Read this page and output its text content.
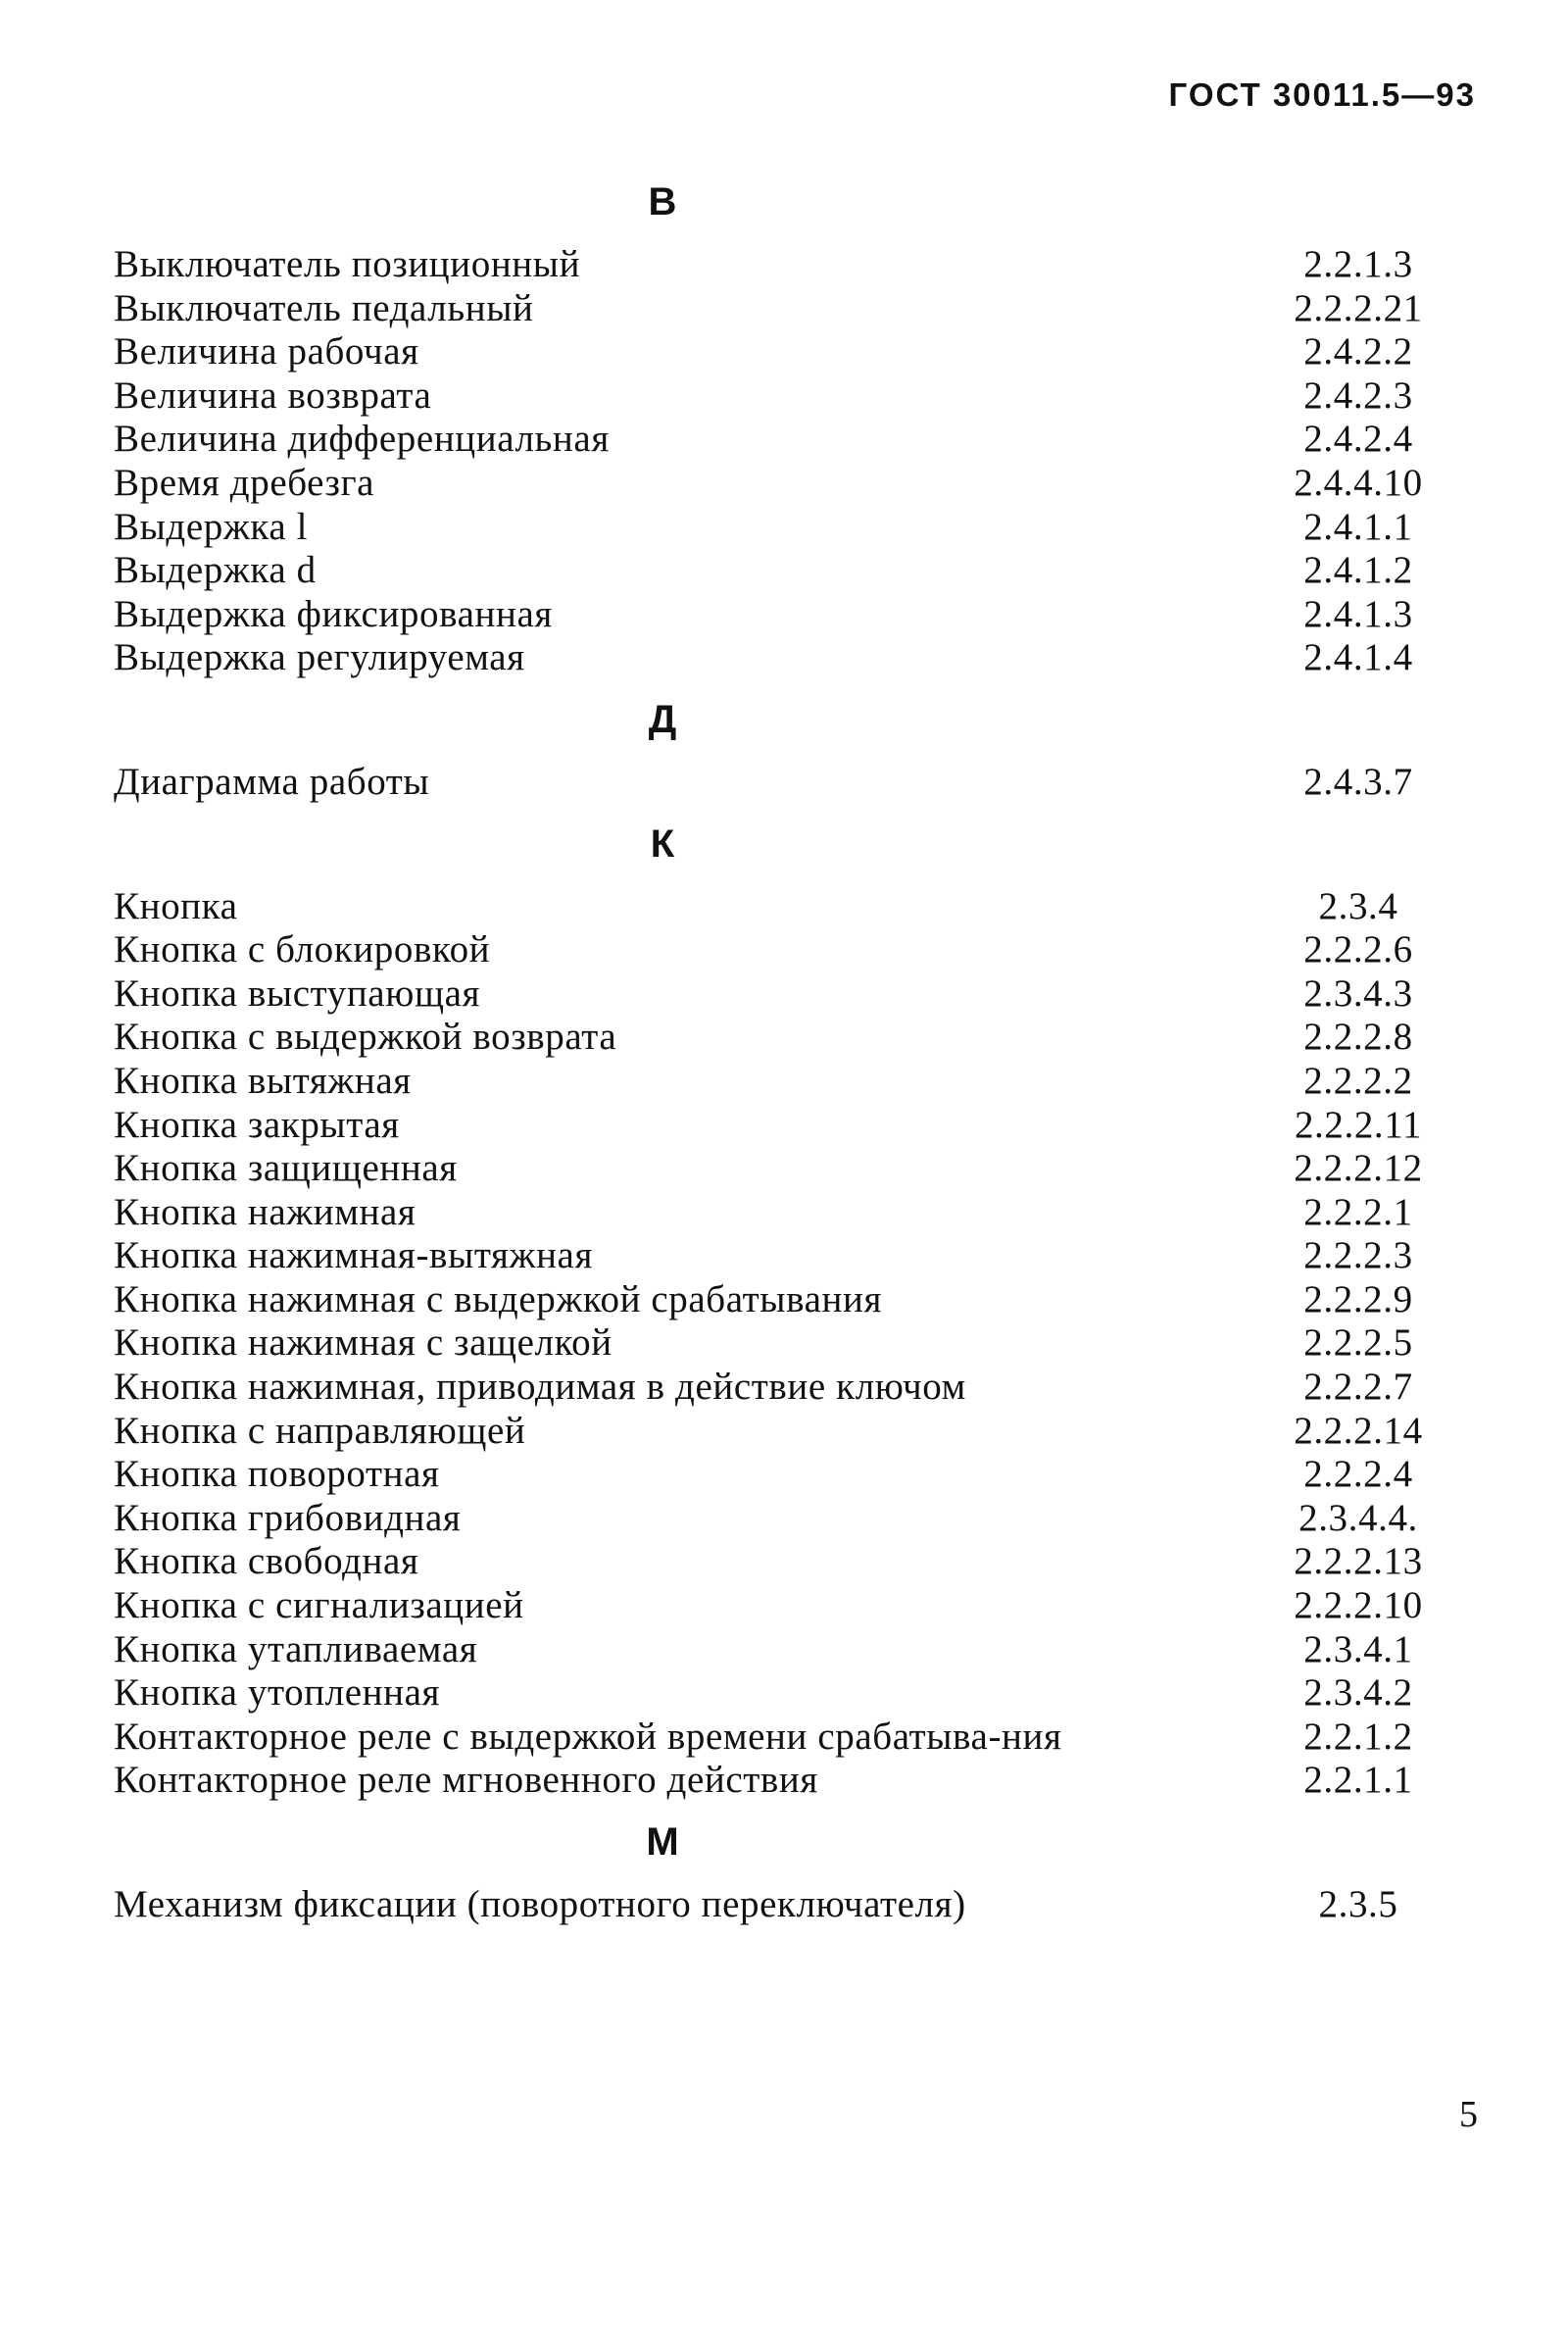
ГОСТ 30011.5—93
В
Выключатель позиционный	2.2.1.3
Выключатель педальный	2.2.2.21
Величина рабочая	2.4.2.2
Величина возврата	2.4.2.3
Величина дифференциальная	2.4.2.4
Время дребезга	2.4.4.10
Выдержка l	2.4.1.1
Выдержка d	2.4.1.2
Выдержка фиксированная	2.4.1.3
Выдержка регулируемая	2.4.1.4
Д
Диаграмма работы	2.4.3.7
К
Кнопка	2.3.4
Кнопка с блокировкой	2.2.2.6
Кнопка выступающая	2.3.4.3
Кнопка с выдержкой возврата	2.2.2.8
Кнопка вытяжная	2.2.2.2
Кнопка закрытая	2.2.2.11
Кнопка защищенная	2.2.2.12
Кнопка нажимная	2.2.2.1
Кнопка нажимная-вытяжная	2.2.2.3
Кнопка нажимная с выдержкой срабатывания	2.2.2.9
Кнопка нажимная с защелкой	2.2.2.5
Кнопка нажимная, приводимая в действие ключом	2.2.2.7
Кнопка с направляющей	2.2.2.14
Кнопка поворотная	2.2.2.4
Кнопка грибовидная	2.3.4.4.
Кнопка свободная	2.2.2.13
Кнопка с сигнализацией	2.2.2.10
Кнопка утапливаемая	2.3.4.1
Кнопка утопленная	2.3.4.2
Контакторное реле с выдержкой времени срабатыва-ния	2.2.1.2
Контакторное реле мгновенного действия	2.2.1.1
М
Механизм фиксации (поворотного переключателя)	2.3.5
5
